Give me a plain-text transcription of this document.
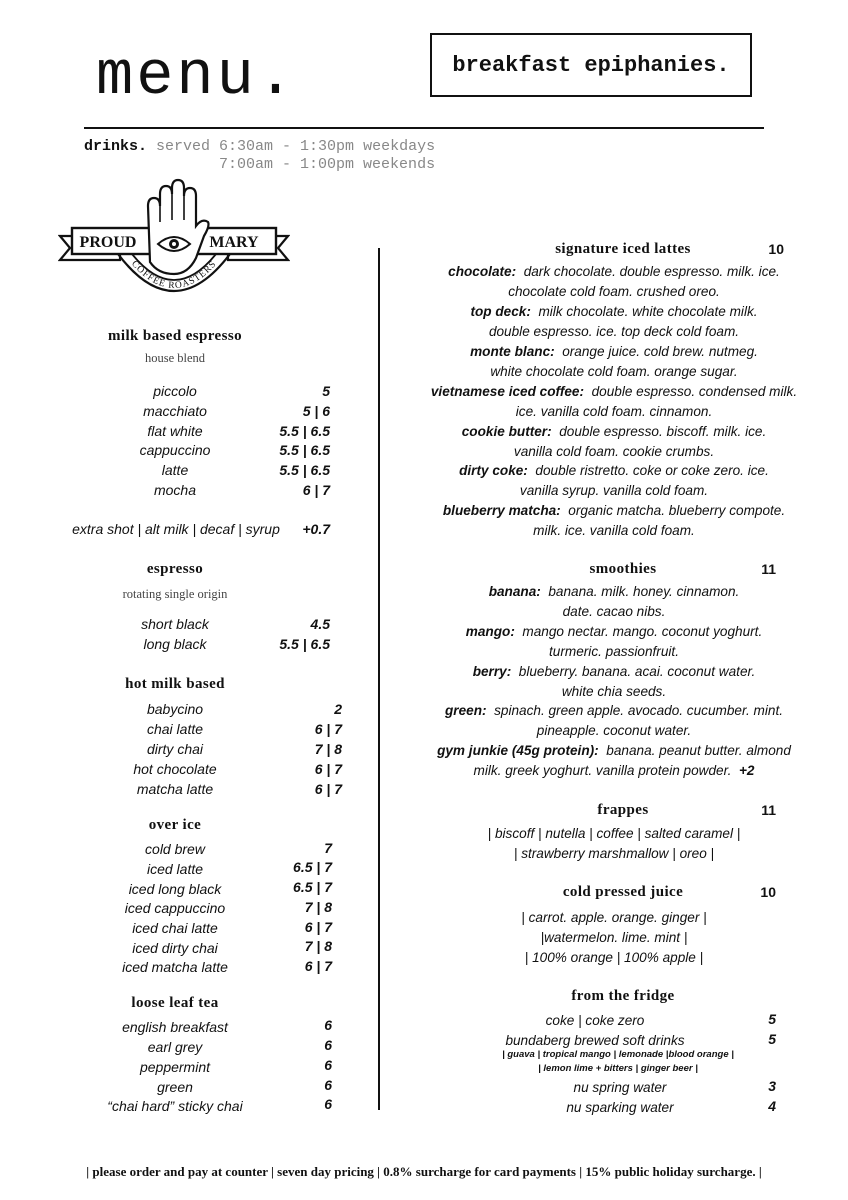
menu.	breakfast epiphanies.
drinks. served 6:30am - 1:30pm weekdays
7:00am - 1:00pm weekends
PROUD	MARY
COFFEE ROASTERS
milk based espresso
house blend
piccolo	5
macchiato	5 | 6
flat white	5.5 | 6.5
cappuccino	5.5 | 6.5
latte	5.5 | 6.5
mocha	6 | 7
extra shot | alt milk | decaf | syrup	+0.7
espresso
rotating single origin
short black	4.5
long black	5.5 | 6.5
hot milk based
babycino	2
chai latte	6 | 7
dirty chai	7 | 8
hot chocolate	6 | 7
matcha latte	6 | 7
over ice
cold brew	7
iced latte	6.5 | 7
iced long black	6.5 | 7
iced cappuccino	7 | 8
iced chai latte	6 | 7
iced dirty chai	7 | 8
iced matcha latte	6 | 7
loose leaf tea
english breakfast	6
earl grey	6
peppermint	6
green	6
“chai hard” sticky chai	6
signature iced lattes	10
chocolate: dark chocolate. double espresso. milk. ice.
chocolate cold foam. crushed oreo.
top deck: milk chocolate. white chocolate milk.
double espresso. ice. top deck cold foam.
monte blanc: orange juice. cold brew. nutmeg.
white chocolate cold foam. orange sugar.
vietnamese iced coffee: double espresso. condensed milk.
ice. vanilla cold foam. cinnamon.
cookie butter: double espresso. biscoff. milk. ice.
vanilla cold foam. cookie crumbs.
dirty coke: double ristretto. coke or coke zero. ice.
vanilla syrup. vanilla cold foam.
blueberry matcha: organic matcha. blueberry compote.
milk. ice. vanilla cold foam.
smoothies	11
banana: banana. milk. honey. cinnamon.
date. cacao nibs.
mango: mango nectar. mango. coconut yoghurt.
turmeric. passionfruit.
berry: blueberry. banana. acai. coconut water.
white chia seeds.
green: spinach. green apple. avocado. cucumber. mint.
pineapple. coconut water.
gym junkie (45g protein): banana. peanut butter. almond
milk. greek yoghurt. vanilla protein powder. +2
frappes	11
| biscoff | nutella | coffee | salted caramel |
| strawberry marshmallow | oreo |
cold pressed juice	10
| carrot. apple. orange. ginger |
|watermelon. lime. mint |
| 100% orange | 100% apple |
from the fridge
coke | coke zero	5
bundaberg brewed soft drinks	5
| guava | tropical mango | lemonade |blood orange |
| lemon lime + bitters | ginger beer |
nu spring water	3
nu sparking water	4
| please order and pay at counter | seven day pricing | 0.8% surcharge for card payments | 15% public holiday surcharge. |
